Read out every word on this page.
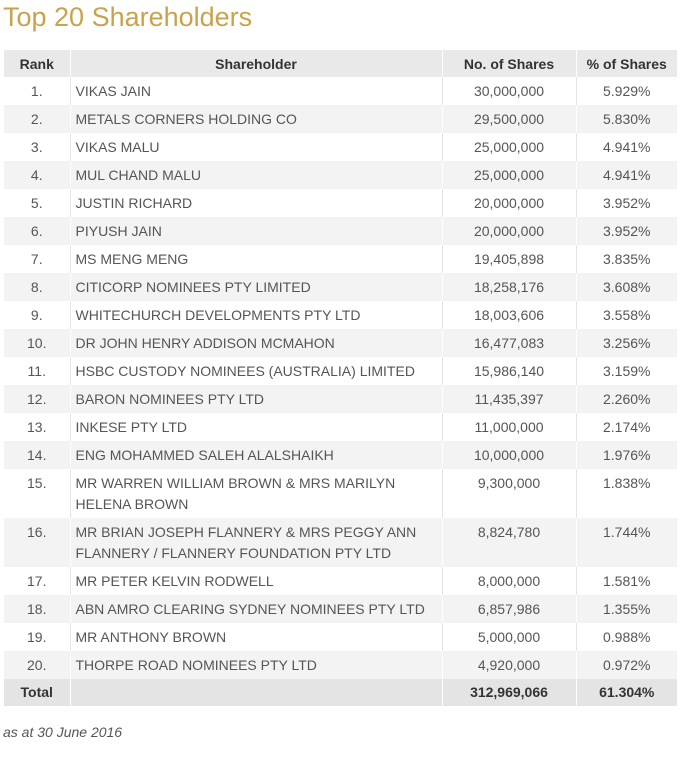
Top 20 Shareholders
Rank	Shareholder	No. of Shares	% of Shares

1.	VIKAS JAIN	30,000,000	5.929%

2.	METALS CORNERS HOLDING CO	29,500,000	5.830%

3.	VIKAS MALU	25,000,000	4.941%

4.	MUL CHAND MALU	25,000,000	4.941%

5.	JUSTIN RICHARD	20,000,000	3.952%

6.	PIYUSH JAIN	20,000,000	3.952%

7.	MS MENG MENG	19,405,898	3.835%

8.	CITICORP NOMINEES PTY LIMITED	18,258,176	3.608%

9.	WHITECHURCH DEVELOPMENTS PTY LTD	18,003,606	3.558%

10.	DR JOHN HENRY ADDISON MCMAHON	16,477,083	3.256%

11.	HSBC CUSTODY NOMINEES (AUSTRALIA) LIMITED	15,986,140	3.159%

12.	BARON NOMINEES PTY LTD	11,435,397	2.260%

13.	INKESE PTY LTD	11,000,000	2.174%

14.	ENG MOHAMMED SALEH ALALSHAIKH	10,000,000	1.976%

15.	MR WARREN WILLIAM BROWN & MRS MARILYN HELENA BROWN	9,300,000	1.838%

16.	MR BRIAN JOSEPH FLANNERY & MRS PEGGY ANN FLANNERY / FLANNERY FOUNDATION PTY LTD	8,824,780	1.744%

17.	MR PETER KELVIN RODWELL	8,000,000	1.581%

18.	ABN AMRO CLEARING SYDNEY NOMINEES PTY LTD	6,857,986	1.355%

19.	MR ANTHONY BROWN	5,000,000	0.988%

20.	THORPE ROAD NOMINEES PTY LTD	4,920,000	0.972%

Total		312,969,066	61.304%
as at 30 June 2016
